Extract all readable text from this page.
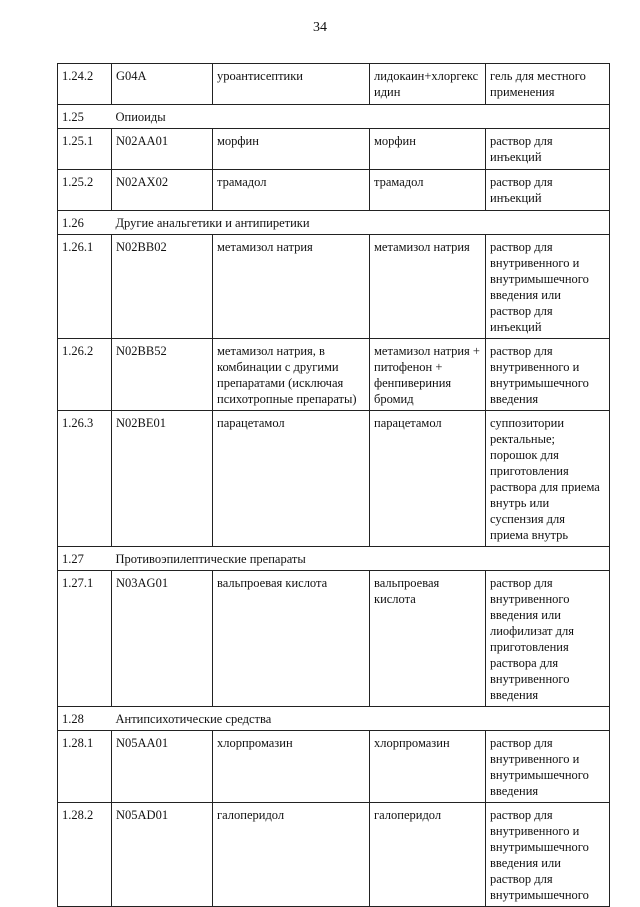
34
1.24.2	G04A	уроантисептики	лидокаин+хлоргексидин	гель для местного применения
1.25	Опиоиды			
1.25.1	N02AA01	морфин	морфин	раствор для инъекций
1.25.2	N02AX02	трамадол	трамадол	раствор для инъекций
1.26	Другие анальгетики и антипиретики			
1.26.1	N02BB02	метамизол натрия	метамизол натрия	раствор для внутривенного и внутримышечного введения или раствор для инъекций
1.26.2	N02BB52	метамизол натрия, в комбинации с другими препаратами (исключая психотропные препараты)	метамизол натрия + питофенон + фенпивериния бромид	раствор для внутривенного и внутримышечного введения
1.26.3	N02BE01	парацетамол	парацетамол	суппозитории ректальные; порошок для приготовления раствора для приема внутрь или суспензия для приема внутрь
1.27	Противоэпилептические препараты			
1.27.1	N03AG01	вальпроевая кислота	вальпроевая кислота	раствор для внутривенного введения или лиофилизат для приготовления раствора для внутривенного введения
1.28	Антипсихотические средства			
1.28.1	N05AA01	хлорпромазин	хлорпромазин	раствор для внутривенного и внутримышечного введения
1.28.2	N05AD01	галоперидол	галоперидол	раствор для внутривенного и внутримышечного введения или раствор для внутримышечного
